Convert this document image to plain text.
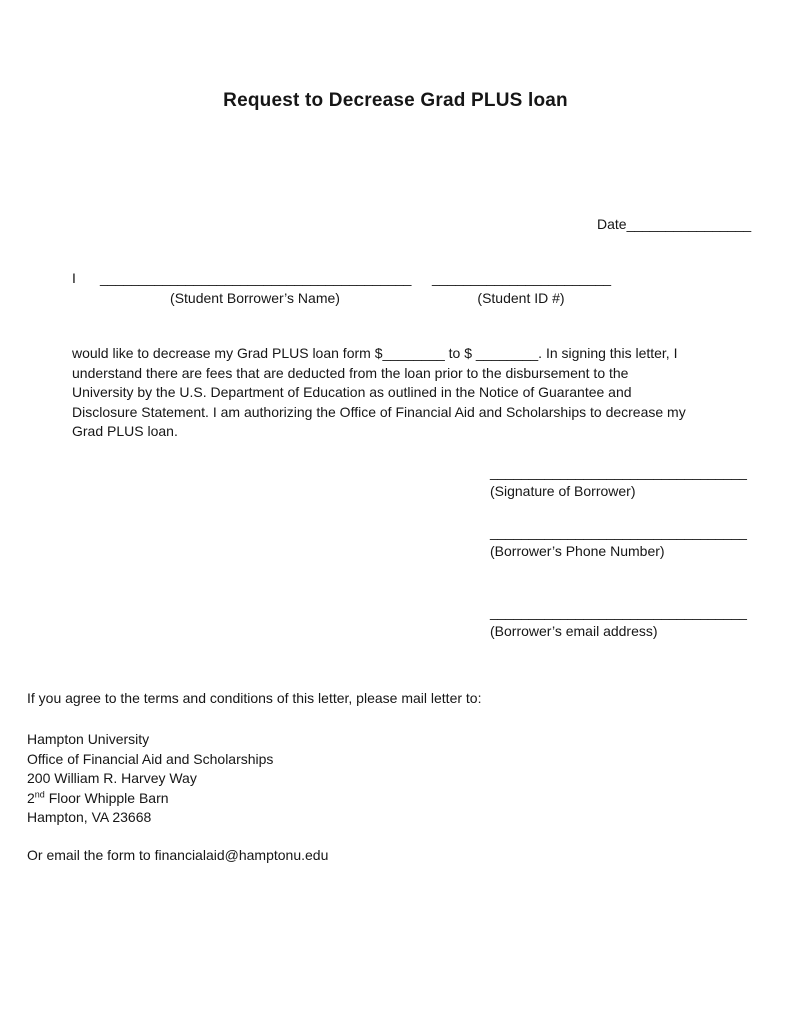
Request to Decrease Grad PLUS loan
Date________________
I ________________________________________ _______________________
(Student Borrower’s Name)	(Student ID #)

would like to decrease my Grad PLUS loan form $________ to $ ________. In signing this letter, I understand there are fees that are deducted from the loan prior to the disbursement to the University by the U.S. Department of Education as outlined in the Notice of Guarantee and Disclosure Statement. I am authorizing the Office of Financial Aid and Scholarships to decrease my Grad PLUS loan.

_________________________________
(Signature of Borrower)
_________________________________
(Borrower’s Phone Number)
_________________________________
(Borrower’s email address)
If you agree to the terms and conditions of this letter, please mail letter to:
Hampton University
Office of Financial Aid and Scholarships
200 William R. Harvey Way
2nd Floor Whipple Barn
Hampton, VA 23668
Or email the form to financialaid@hamptonu.edu
